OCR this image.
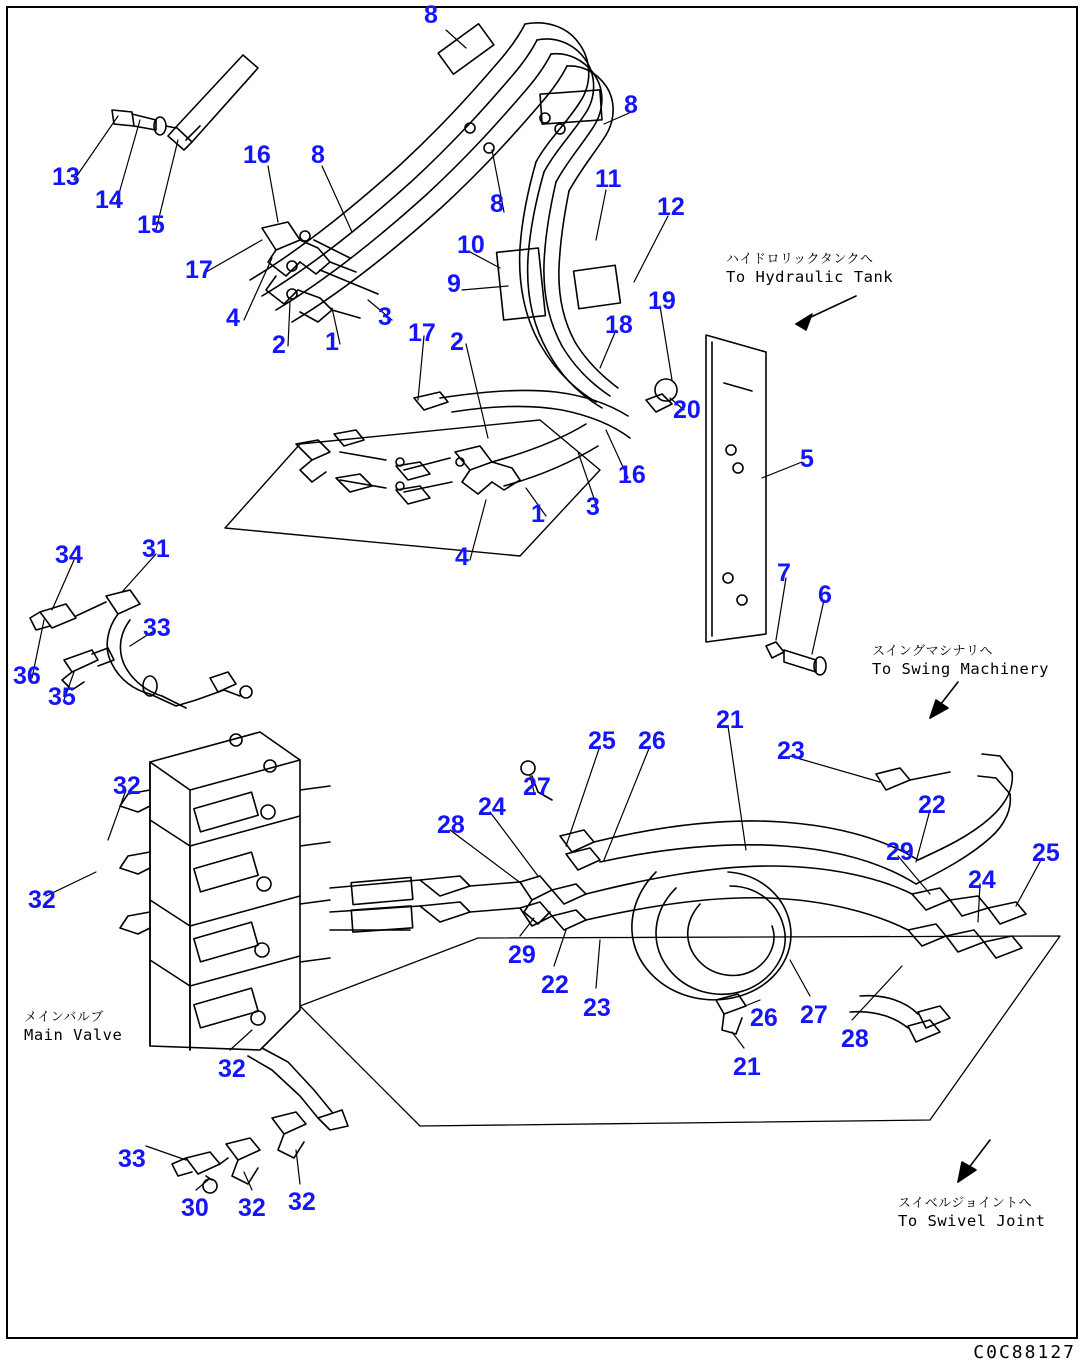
8
8
16 8
11
13
8
14	12
15
10
17	9
19
4	18
3
2 1	17 2
20
5
16
1 3
4
34 31
7
6
33
36
35
25 26
21
23
32	27
24	22
28
29	25
24
32
29
22
23	26 27
28
21
32
33
30 32 32
ハイドロリックタンクへ
To Hydraulic Tank
スイングマシナリへ
To Swing Machinery
メインバルブ
Main Valve
スイベルジョイントへ
To Swivel Joint
C0C88127
